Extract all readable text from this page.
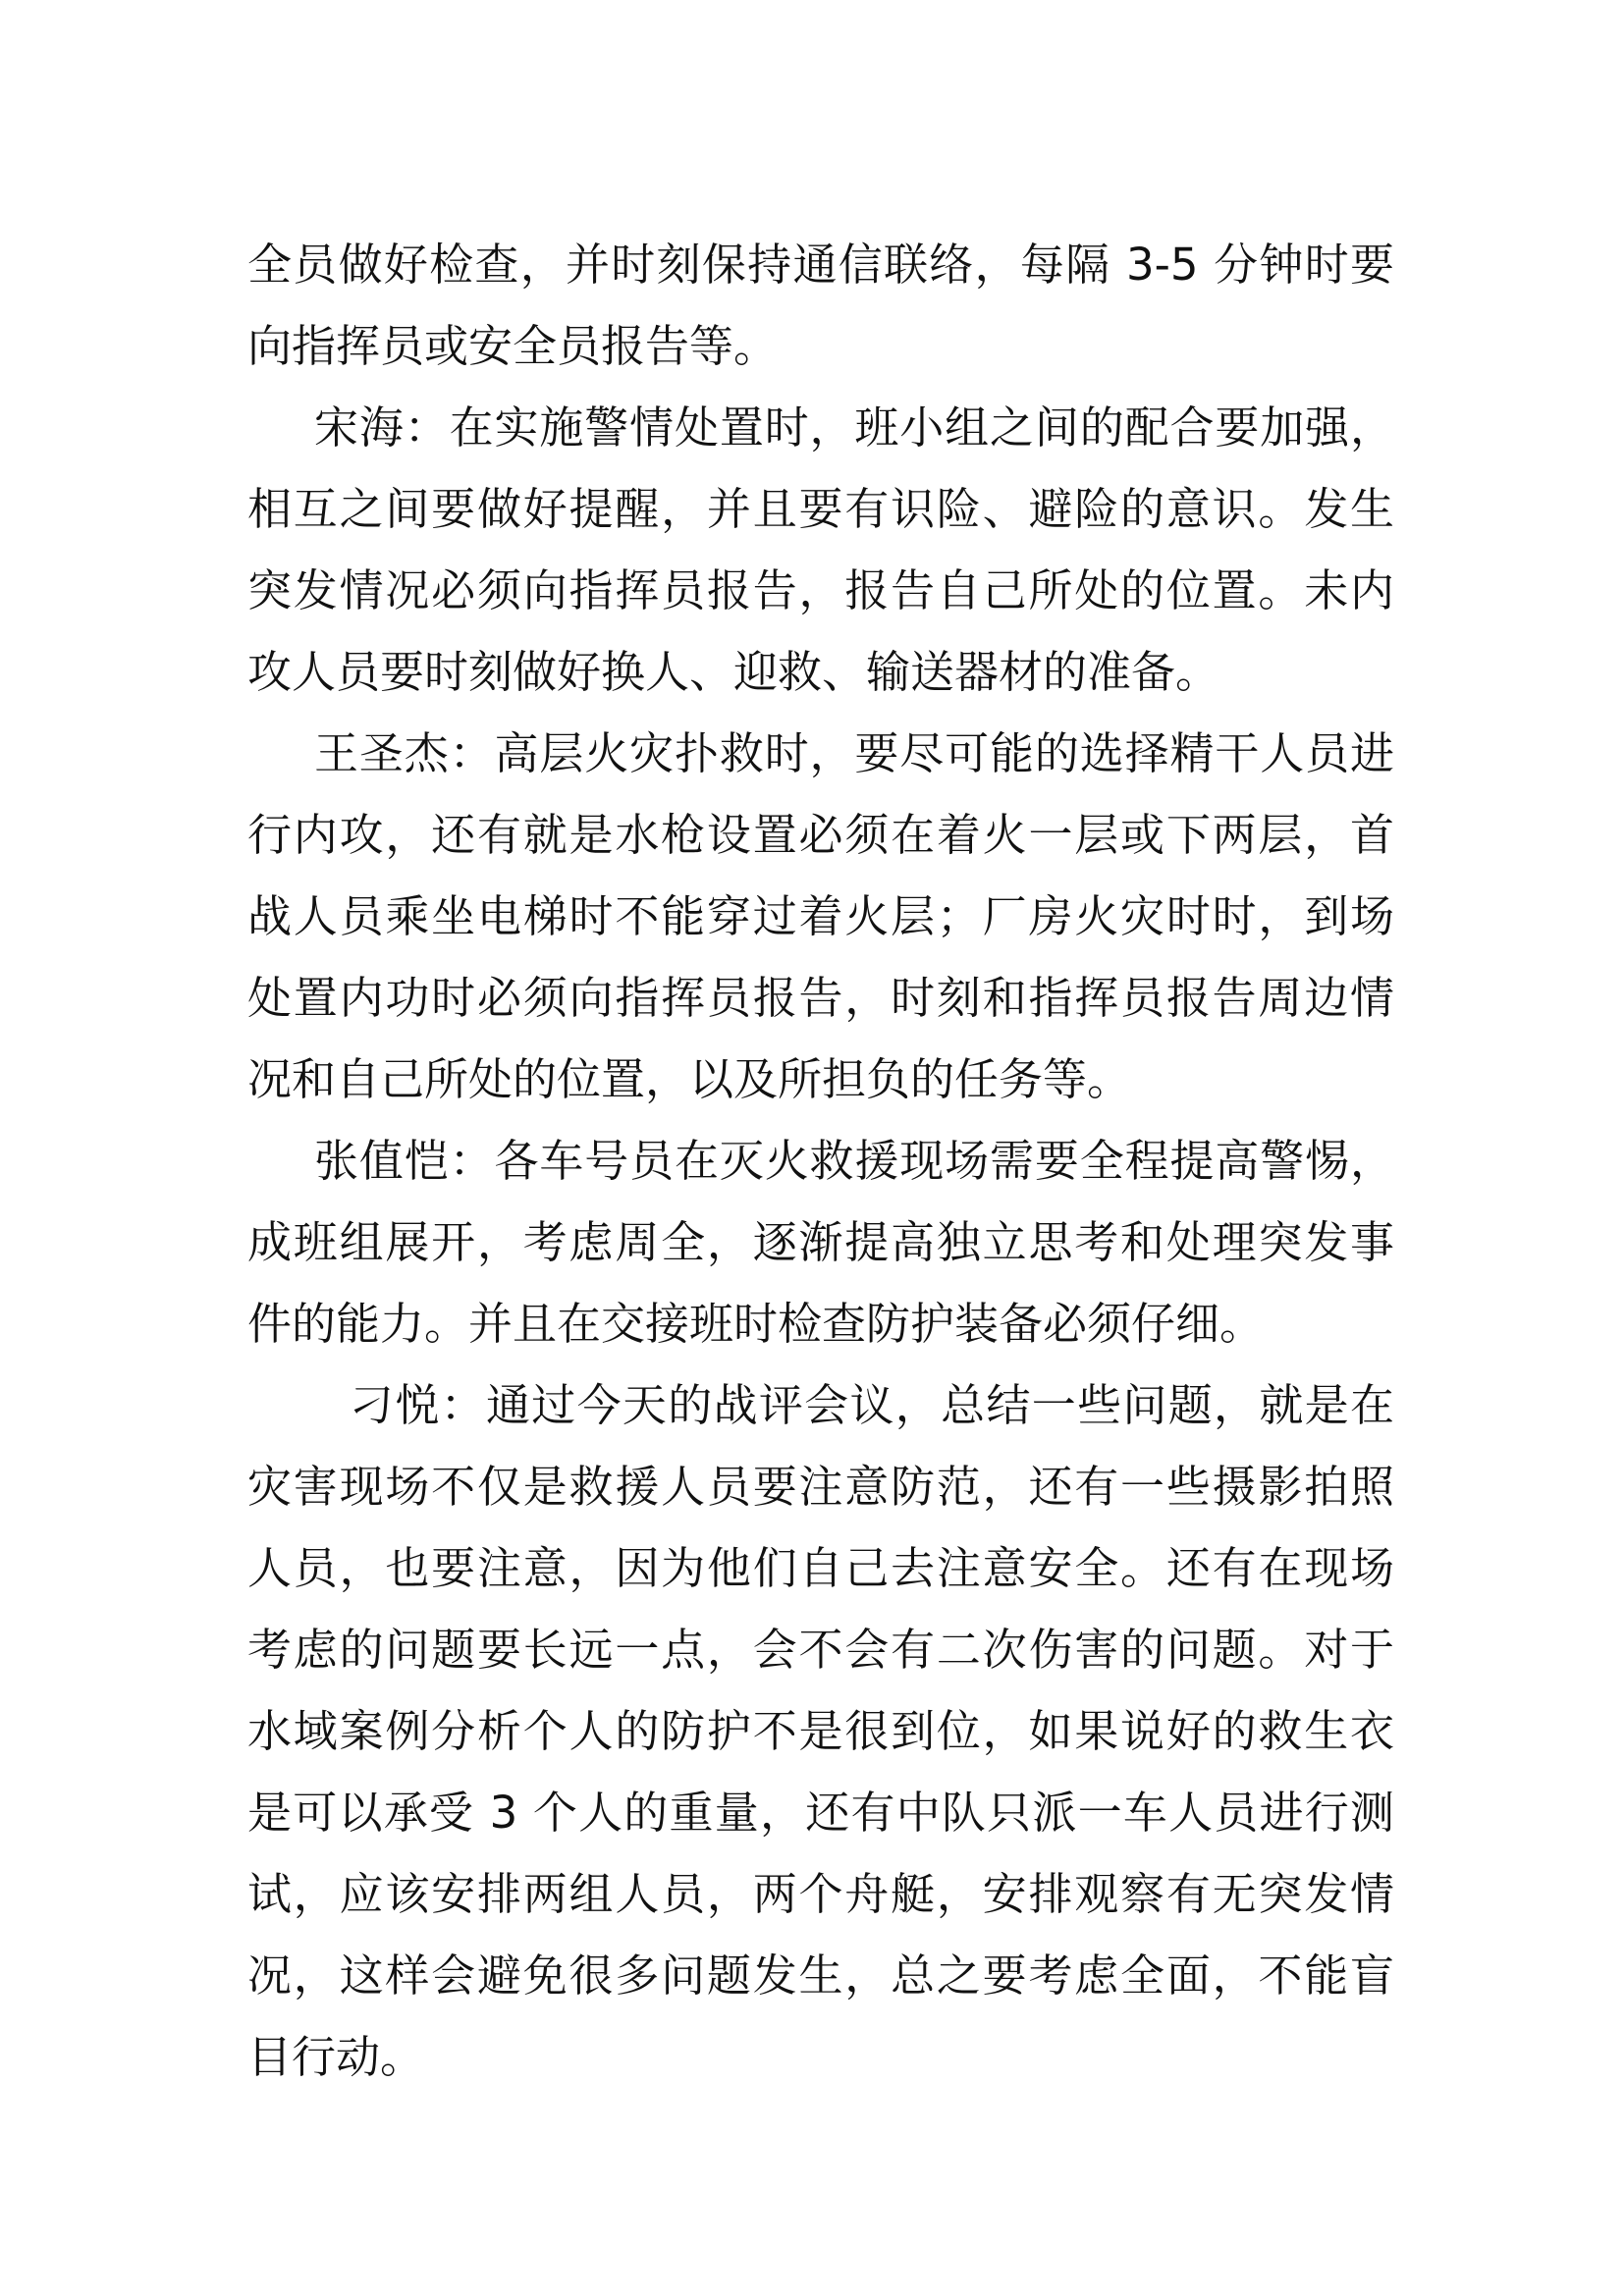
全员做好检查，并时刻保持通信联络，每隔 3-5 分钟时要向指挥员或安全员报告等。

宋海：在实施警情处置时，班小组之间的配合要加强，相互之间要做好提醒，并且要有识险、避险的意识。发生突发情况必须向指挥员报告，报告自己所处的位置。未内攻人员要时刻做好换人、迎救、输送器材的准备。

王圣杰：高层火灾扑救时，要尽可能的选择精干人员进行内攻，还有就是水枪设置必须在着火一层或下两层，首战人员乘坐电梯时不能穿过着火层；厂房火灾时时，到场处置内功时必须向指挥员报告，时刻和指挥员报告周边情况和自己所处的位置，以及所担负的任务等。

张值恺：各车号员在灭火救援现场需要全程提高警惕，成班组展开，考虑周全，逐渐提高独立思考和处理突发事件的能力。并且在交接班时检查防护装备必须仔细。

刁悦：通过今天的战评会议，总结一些问题，就是在灾害现场不仅是救援人员要注意防范，还有一些摄影拍照人员，也要注意，因为他们自己去注意安全。还有在现场考虑的问题要长远一点，会不会有二次伤害的问题。对于水域案例分析个人的防护不是很到位，如果说好的救生衣是可以承受 3 个人的重量，还有中队只派一车人员进行测试，应该安排两组人员，两个舟艇，安排观察有无突发情况，这样会避免很多问题发生，总之要考虑全面，不能盲目行动。
